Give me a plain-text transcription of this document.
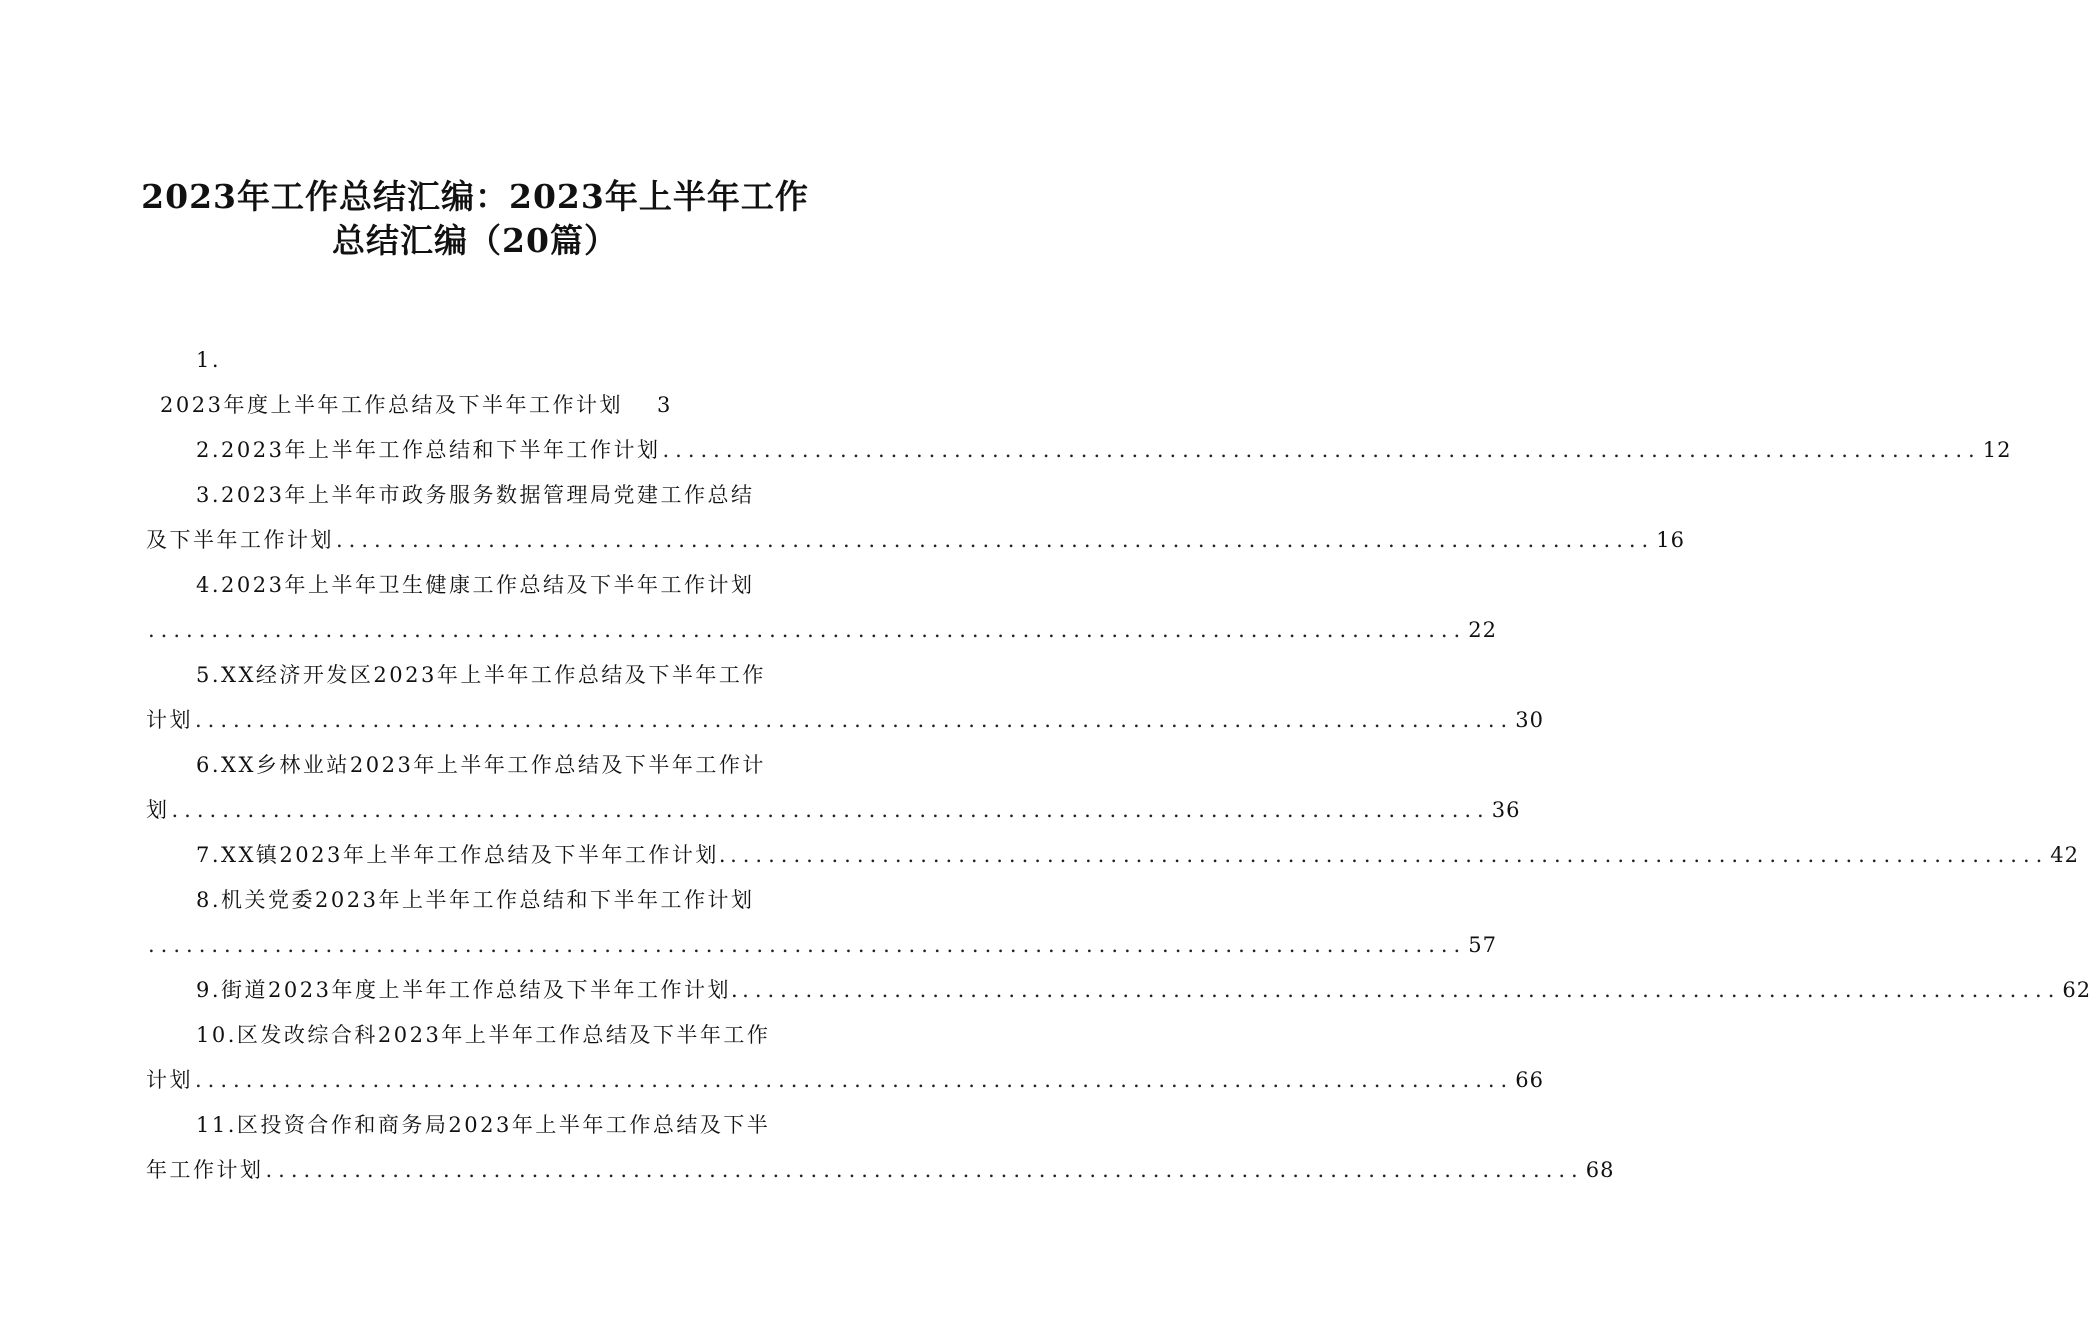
2023年工作总结汇编：2023年上半年工作
总结汇编（20篇）
1.
2023年度上半年工作总结及下半年工作计划 3
2.2023年上半年工作总结和下半年工作计划 ........................................................................................................ 12
3.2023年上半年市政务服务数据管理局党建工作总结
及下半年工作计划 ........................................................................................................ 16
4.2023年上半年卫生健康工作总结及下半年工作计划
........................................................................................................ 22
5.XX经济开发区2023年上半年工作总结及下半年工作
计划 ........................................................................................................ 30
6.XX乡林业站2023年上半年工作总结及下半年工作计
划 ........................................................................................................ 36
7.XX镇2023年上半年工作总结及下半年工作计划. ........................................................................................................ 42
8.机关党委2023年上半年工作总结和下半年工作计划
........................................................................................................ 57
9.街道2023年度上半年工作总结及下半年工作计划. ........................................................................................................ 62
10.区发改综合科2023年上半年工作总结及下半年工作
计划 ........................................................................................................ 66
11.区投资合作和商务局2023年上半年工作总结及下半
年工作计划 ........................................................................................................ 68
